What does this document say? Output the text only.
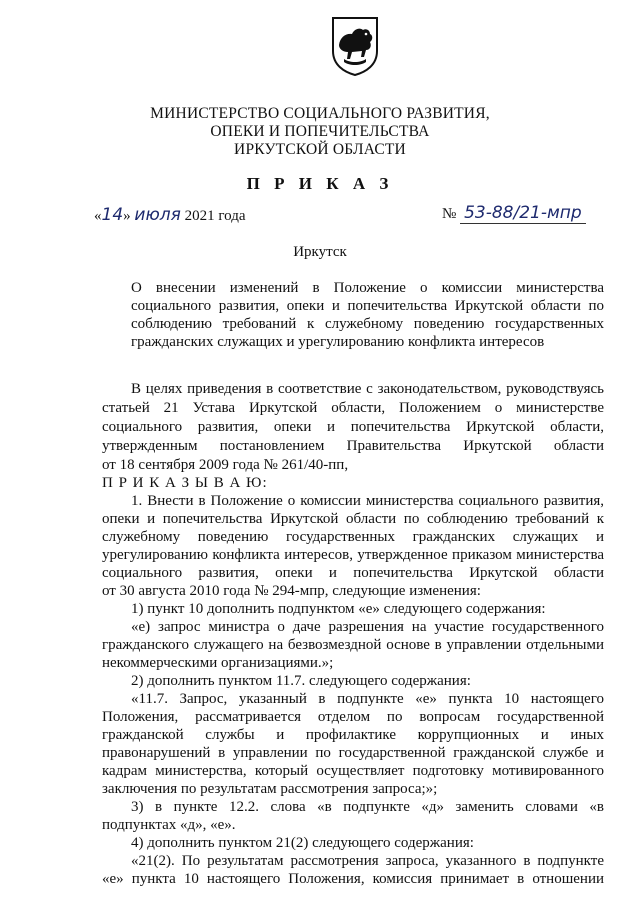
МИНИСТЕРСТВО СОЦИАЛЬНОГО РАЗВИТИЯ,
ОПЕКИ И ПОПЕЧИТЕЛЬСТВА
ИРКУТСКОЙ ОБЛАСТИ
П Р И К А З
«14» июля 2021 года	№ 53-88/21-мпр
Иркутск
О внесении изменений в Положение о комиссии министерства
социального развития, опеки и попечительства Иркутской области по
соблюдению требований к служебному поведению государственных
гражданских служащих и урегулированию конфликта интересов
В целях приведения в соответствие с законодательством, руководствуясь
статьей 21 Устава Иркутской области, Положением о министерстве
социального развития, опеки и попечительства Иркутской области,
утвержденным постановлением Правительства Иркутской области
от 18 сентября 2009 года № 261/40-пп,
П Р И К А З Ы В А Ю:
1. Внести в Положение о комиссии министерства социального развития,
опеки и попечительства Иркутской области по соблюдению требований к
служебному поведению государственных гражданских служащих и
урегулированию конфликта интересов, утвержденное приказом министерства
социального развития, опеки и попечительства Иркутской области
от 30 августа 2010 года № 294-мпр, следующие изменения:
1) пункт 10 дополнить подпунктом «е» следующего содержания:
«е) запрос министра о даче разрешения на участие государственного
гражданского служащего на безвозмездной основе в управлении отдельными
некоммерческими организациями.»;
2) дополнить пунктом 11.7. следующего содержания:
«11.7. Запрос, указанный в подпункте «е» пункта 10 настоящего
Положения, рассматривается отделом по вопросам государственной
гражданской службы и профилактике коррупционных и иных
правонарушений в управлении по государственной гражданской службе и
кадрам министерства, который осуществляет подготовку мотивированного
заключения по результатам рассмотрения запроса;»;
3) в пункте 12.2. слова «в подпункте «д» заменить словами «в
подпунктах «д», «е».
4) дополнить пунктом 21(2) следующего содержания:
«21(2). По результатам рассмотрения запроса, указанного в подпункте
«е» пункта 10 настоящего Положения, комиссия принимает в отношении
